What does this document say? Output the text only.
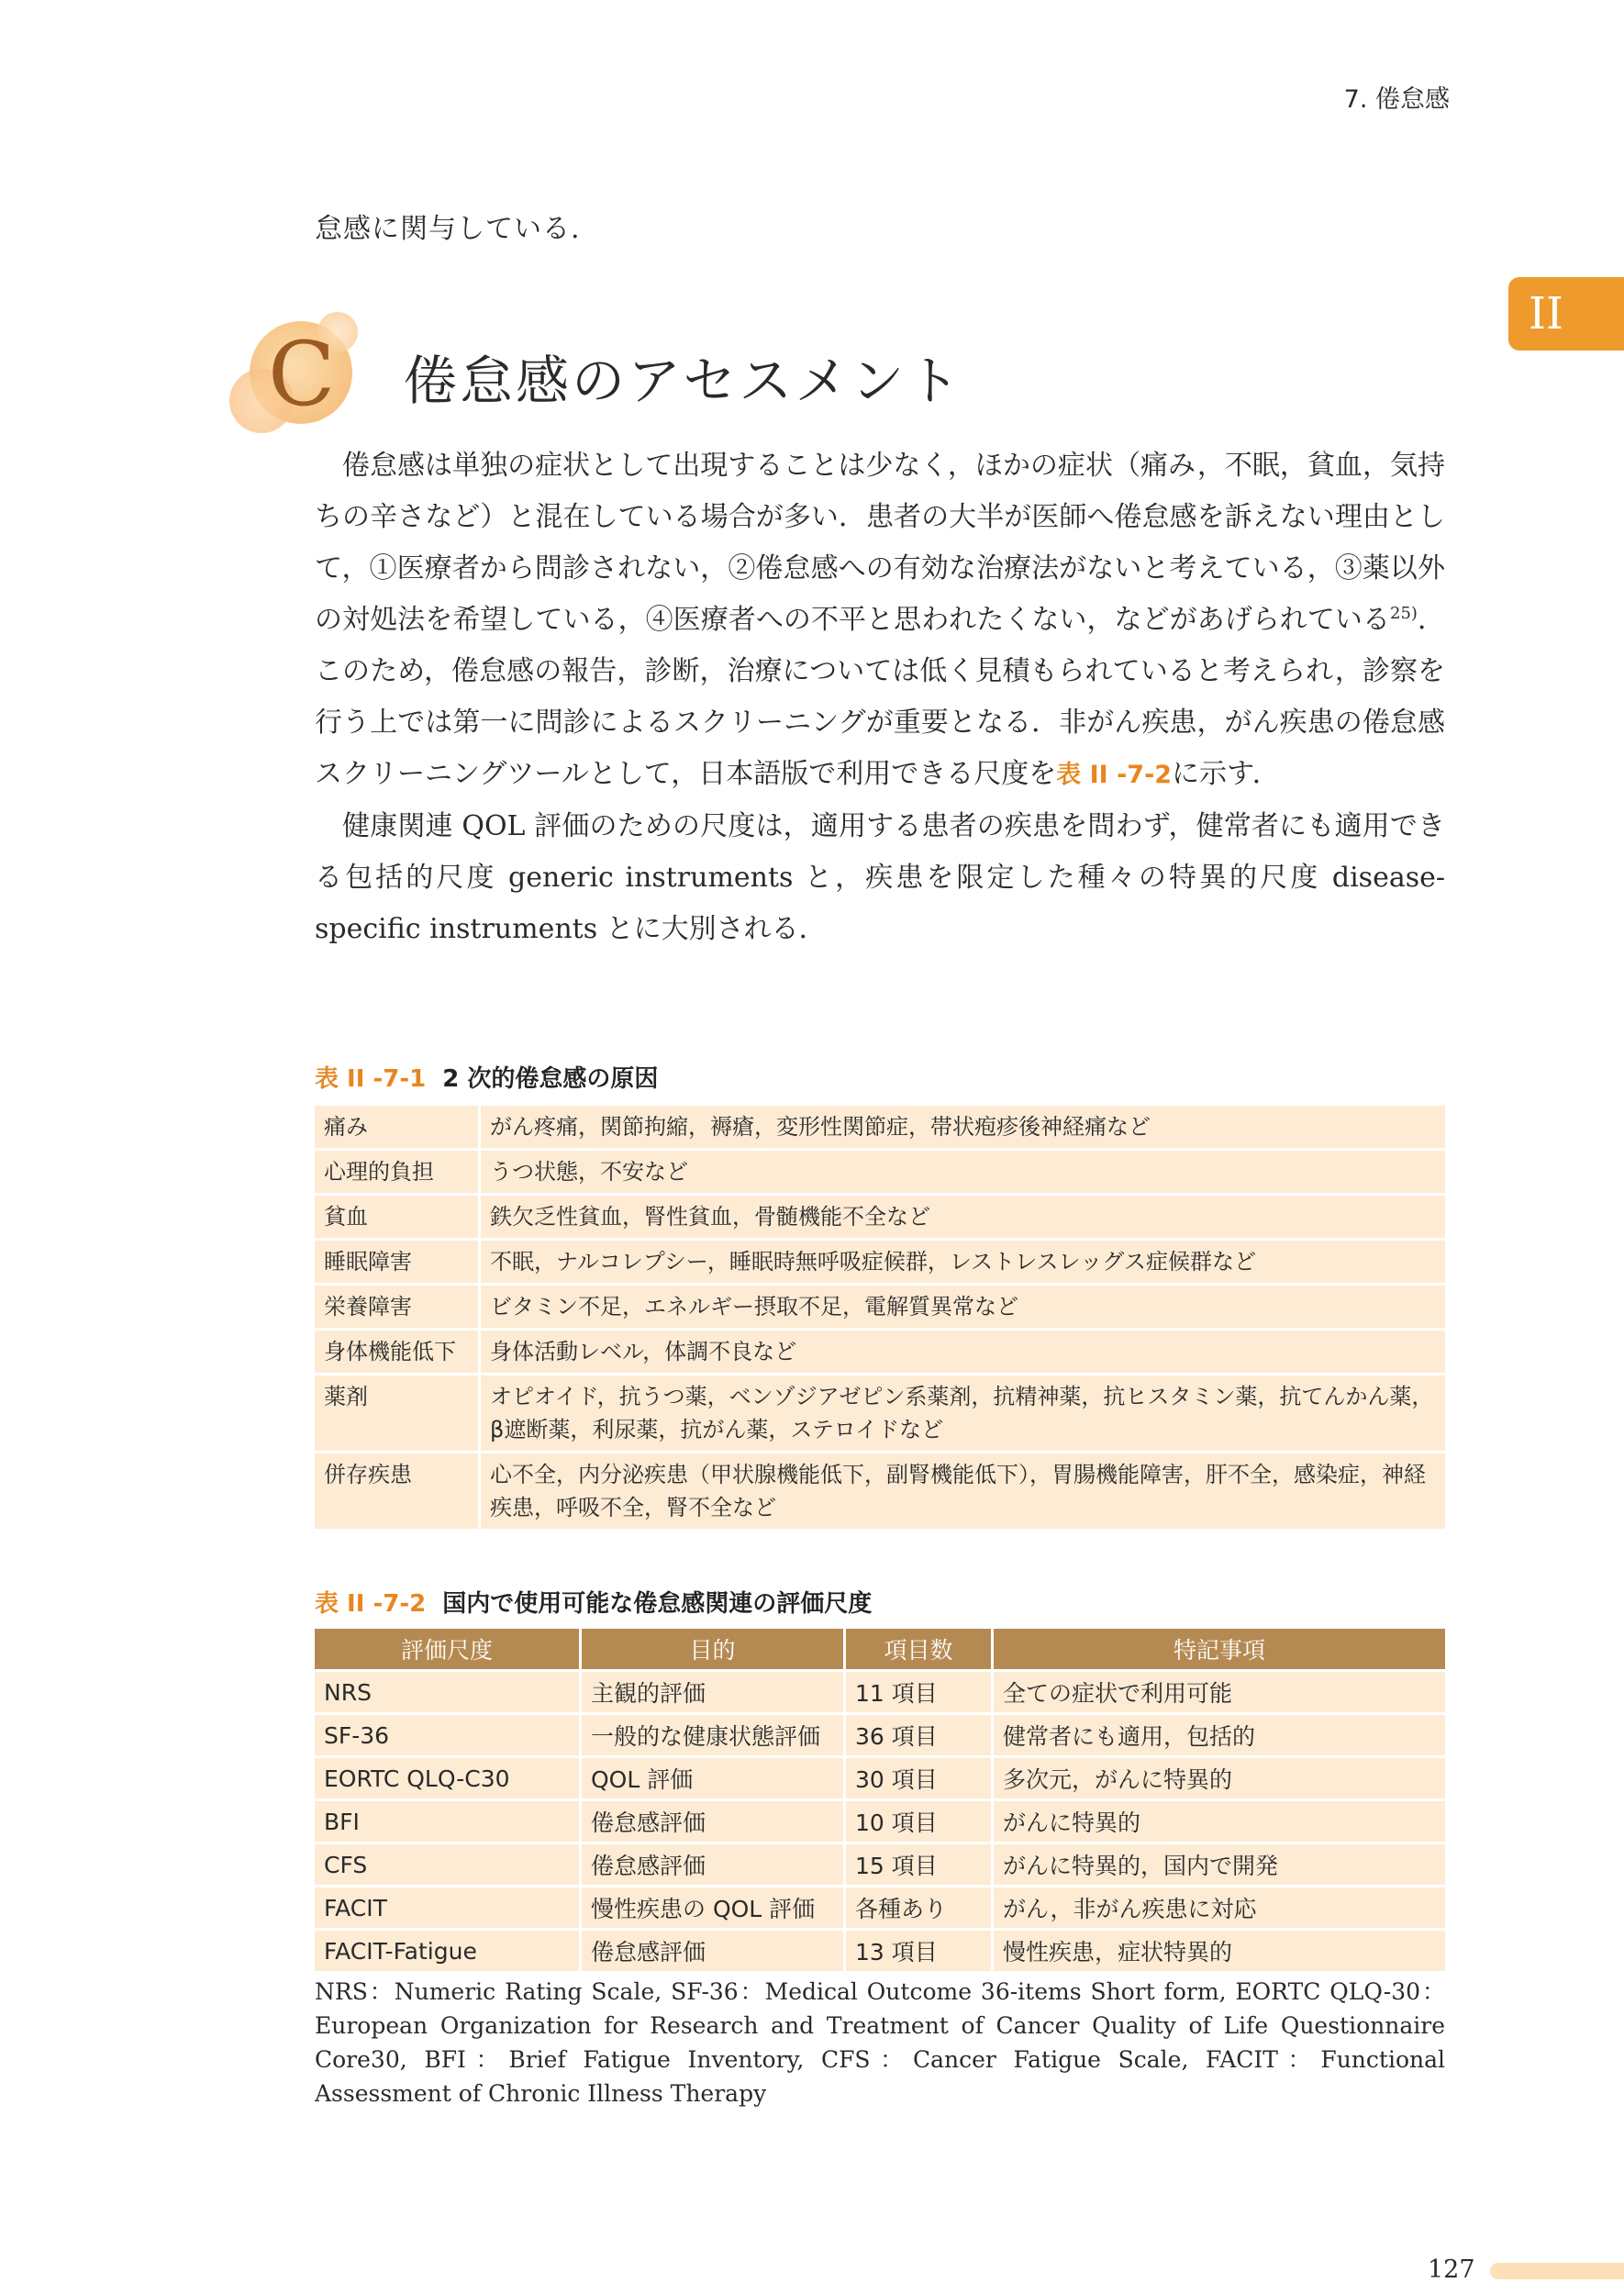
7. 倦怠感
II
怠感に関与している.
C 倦怠感のアセスメント

倦怠感は単独の症状として出現することは少なく，ほかの症状（痛み，不眠，貧血，気持ちの辛さなど）と混在している場合が多い．患者の大半が医師へ倦怠感を訴えない理由として，①医療者から問診されない，②倦怠感への有効な治療法がないと考えている，③薬以外の対処法を希望している，④医療者への不平と思われたくない，などがあげられている$^{25)}$．このため，倦怠感の報告，診断，治療については低く見積もられていると考えられ，診察を行う上では第一に問診によるスクリーニングが重要となる．非がん疾患，がん疾患の倦怠感スクリーニングツールとして，日本語版で利用できる尺度を表 II -7-2に示す．

健康関連 QOL 評価のための尺度は，適用する患者の疾患を問わず，健常者にも適用できる包括的尺度 generic instruments と，疾患を限定した種々の特異的尺度 disease-specific instruments とに大別される．

表 II -7-1 2 次的倦怠感の原因
痛み	がん疼痛，関節拘縮，褥瘡，変形性関節症，帯状疱疹後神経痛など
心理的負担	うつ状態，不安など
貧血	鉄欠乏性貧血，腎性貧血，骨髄機能不全など
睡眠障害	不眠，ナルコレプシー，睡眠時無呼吸症候群，レストレスレッグス症候群など
栄養障害	ビタミン不足，エネルギー摂取不足，電解質異常など
身体機能低下	身体活動レベル，体調不良など
薬剤	オピオイド，抗うつ薬，ベンゾジアゼピン系薬剤，抗精神薬，抗ヒスタミン薬，抗てんかん薬，β遮断薬，利尿薬，抗がん薬，ステロイドなど
併存疾患	心不全，内分泌疾患（甲状腺機能低下，副腎機能低下），胃腸機能障害，肝不全，感染症，神経疾患，呼吸不全，腎不全など
表 II -7-2 国内で使用可能な倦怠感関連の評価尺度
評価尺度	目的	項目数	特記事項
NRS	主観的評価	11 項目	全ての症状で利用可能
SF-36	一般的な健康状態評価	36 項目	健常者にも適用，包括的
EORTC QLQ-C30	QOL 評価	30 項目	多次元，がんに特異的
BFI	倦怠感評価	10 項目	がんに特異的
CFS	倦怠感評価	15 項目	がんに特異的，国内で開発
FACIT	慢性疾患の QOL 評価	各種あり	がん，非がん疾患に対応
FACIT-Fatigue	倦怠感評価	13 項目	慢性疾患，症状特異的
NRS：Numeric Rating Scale, SF-36：Medical Outcome 36-items Short form, EORTC QLQ-30：European Organization for Research and Treatment of Cancer Quality of Life Questionnaire Core30, BFI：Brief Fatigue Inventory, CFS：Cancer Fatigue Scale, FACIT：Functional Assessment of Chronic Illness Therapy
127
